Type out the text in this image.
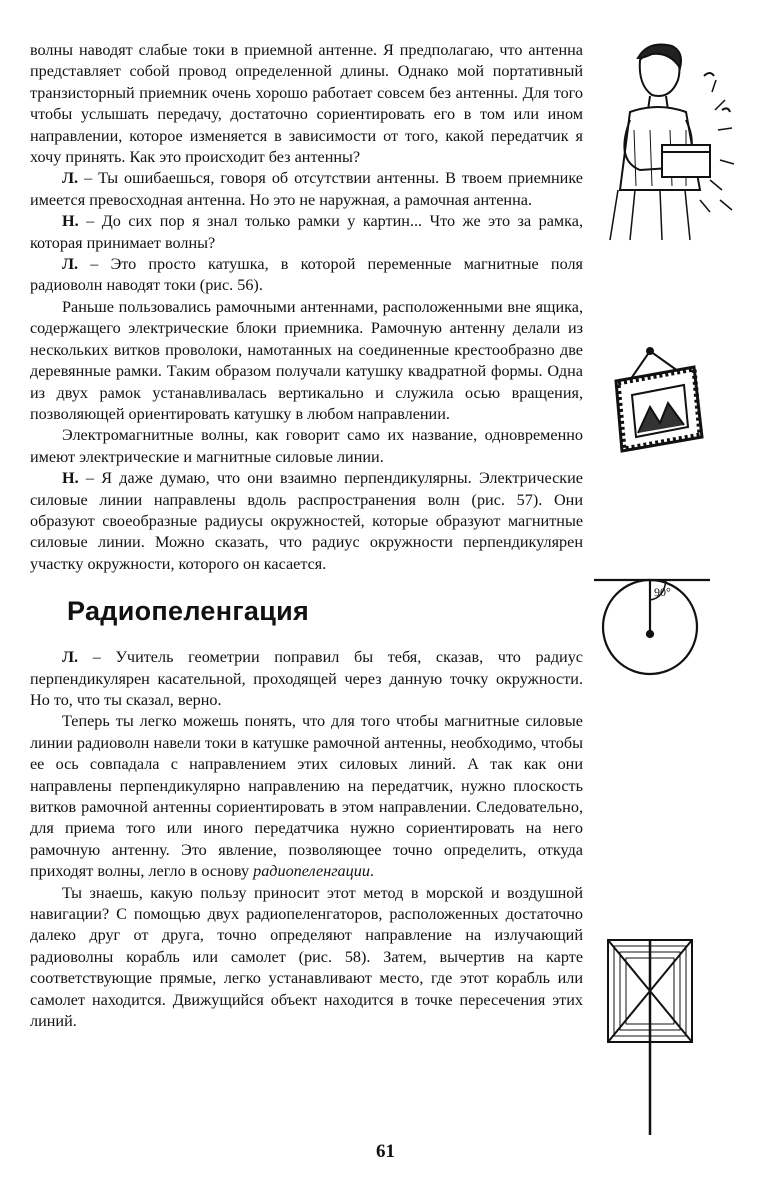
волны наводят слабые токи в приемной антенне. Я предполагаю, что антенна представляет собой провод определенной длины. Однако мой портативный транзисторный приемник очень хорошо работает совсем без антенны. Для того чтобы услышать передачу, достаточно сориентировать его в том или ином направлении, которое изменяется в зависимости от того, какой передатчик я хочу принять. Как это происходит без антенны?

Л. – Ты ошибаешься, говоря об отсутствии антенны. В твоем приемнике имеется превосходная антенна. Но это не наружная, а рамочная антенна.

Н. – До сих пор я знал только рамки у картин... Что же это за рамка, которая принимает волны?

Л. – Это просто катушка, в которой переменные магнитные поля радиоволн наводят токи (рис. 56).

Раньше пользовались рамочными антеннами, расположенными вне ящика, содержащего электрические блоки приемника. Рамочную антенну делали из нескольких витков проволоки, намотанных на соединенные крестообразно две деревянные рамки. Таким образом получали катушку квадратной формы. Одна из двух рамок устанавливалась вертикально и служила осью вращения, позволяющей ориентировать катушку в любом направлении.

Электромагнитные волны, как говорит само их название, одновременно имеют электрические и магнитные силовые линии.

Н. – Я даже думаю, что они взаимно перпендикулярны. Электрические силовые линии направлены вдоль распространения волн (рис. 57). Они образуют своеобразные радиусы окружностей, которые образуют магнитные силовые линии. Можно сказать, что радиус окружности перпендикулярен участку окружности, которого он касается.

Радиопеленгация

Л. – Учитель геометрии поправил бы тебя, сказав, что радиус перпендикулярен касательной, проходящей через данную точку окружности. Но то, что ты сказал, верно.

Теперь ты легко можешь понять, что для того чтобы магнитные силовые линии радиоволн навели токи в катушке рамочной антенны, необходимо, чтобы ее ось совпадала с направлением этих силовых линий. А так как они направлены перпендикулярно направлению на передатчик, нужно плоскость витков рамочной антенны сориентировать в этом направлении. Следовательно, для приема того или иного передатчика нужно сориентировать на него рамочную антенну. Это явление, позволяющее точно определить, откуда приходят волны, легло в основу радиопеленгации.

Ты знаешь, какую пользу приносит этот метод в морской и воздушной навигации? С помощью двух радиопеленгаторов, расположенных достаточно далеко друг от друга, точно определяют направление на излучающий радиоволны корабль или самолет (рис. 58). Затем, вычертив на карте соответствующие прямые, легко устанавливают место, где этот корабль или самолет находится. Движущийся объект находится в точке пересечения этих линий.

90°
61
